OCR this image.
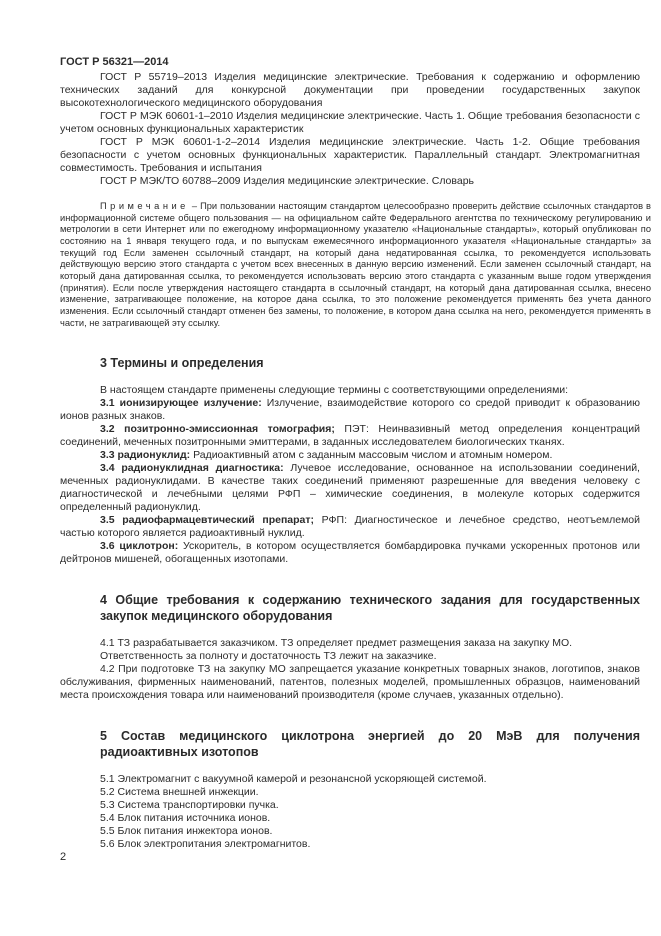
ГОСТ Р 56321—2014

ГОСТ Р 55719–2013 Изделия медицинские электрические. Требования к содержанию и оформлению технических заданий для конкурсной документации при проведении государственных закупок высокотехнологического медицинского оборудования

ГОСТ Р МЭК 60601-1–2010 Изделия медицинские электрические. Часть 1. Общие требования безопасности с учетом основных функциональных характеристик

ГОСТ Р МЭК 60601-1-2–2014 Изделия медицинские электрические. Часть 1-2. Общие требования безопасности с учетом основных функциональных характеристик. Параллельный стандарт. Электромагнитная совместимость. Требования и испытания

ГОСТ Р МЭК/ТО 60788–2009 Изделия медицинские электрические. Словарь

Примечание – При пользовании настоящим стандартом целесообразно проверить действие ссылочных стандартов в информационной системе общего пользования — на официальном сайте Федерального агентства по техническому регулированию и метрологии в сети Интернет или по ежегодному информационному указателю «Национальные стандарты», который опубликован по состоянию на 1 января текущего года, и по выпускам ежемесячного информационного указателя «Национальные стандарты» за текущий год Если заменен ссылочный стандарт, на который дана недатированная ссылка, то рекомендуется использовать действующую версию этого стандарта с учетом всех внесенных в данную версию изменений. Если заменен ссылочный стандарт, на который дана датированная ссылка, то рекомендуется использовать версию этого стандарта с указанным выше годом утверждения (принятия). Если после утверждения настоящего стандарта в ссылочный стандарт, на который дана датированная ссылка, внесено изменение, затрагивающее положение, на которое дана ссылка, то это положение рекомендуется применять без учета данного изменения. Если ссылочный стандарт отменен без замены, то положение, в котором дана ссылка на него, рекомендуется применять в части, не затрагивающей эту ссылку.

3 Термины и определения

В настоящем стандарте применены следующие термины с соответствующими определениями:

3.1 ионизирующее излучение: Излучение, взаимодействие которого со средой приводит к образованию ионов разных знаков.

3.2 позитронно-эмиссионная томография; ПЭТ: Неинвазивный метод определения концентраций соединений, меченных позитронными эмиттерами, в заданных исследователем биологических тканях.

3.3 радионуклид: Радиоактивный атом с заданным массовым числом и атомным номером.

3.4 радионуклидная диагностика: Лучевое исследование, основанное на использовании соединений, меченных радионуклидами. В качестве таких соединений применяют разрешенные для введения человеку с диагностической и лечебными целями РФП – химические соединения, в молекуле которых содержится определенный радионуклид.

3.5 радиофармацевтический препарат; РФП: Диагностическое и лечебное средство, неотъемлемой частью которого является радиоактивный нуклид.

3.6 циклотрон: Ускоритель, в котором осуществляется бомбардировка пучками ускоренных протонов или дейтронов мишеней, обогащенных изотопами.

4 Общие требования к содержанию технического задания для государственных закупок медицинского оборудования

4.1 ТЗ разрабатывается заказчиком. ТЗ определяет предмет размещения заказа на закупку МО.

Ответственность за полноту и достаточность ТЗ лежит на заказчике.

4.2 При подготовке ТЗ на закупку МО запрещается указание конкретных товарных знаков, логотипов, знаков обслуживания, фирменных наименований, патентов, полезных моделей, промышленных образцов, наименований места происхождения товара или наименований производителя (кроме случаев, указанных отдельно).

5 Состав медицинского циклотрона энергией до 20 МэВ для получения радиоактивных изотопов

5.1 Электромагнит с вакуумной камерой и резонансной ускоряющей системой.

5.2 Система внешней инжекции.

5.3 Система транспортировки пучка.

5.4 Блок питания источника ионов.

5.5 Блок питания инжектора ионов.

5.6 Блок электропитания электромагнитов.

2
